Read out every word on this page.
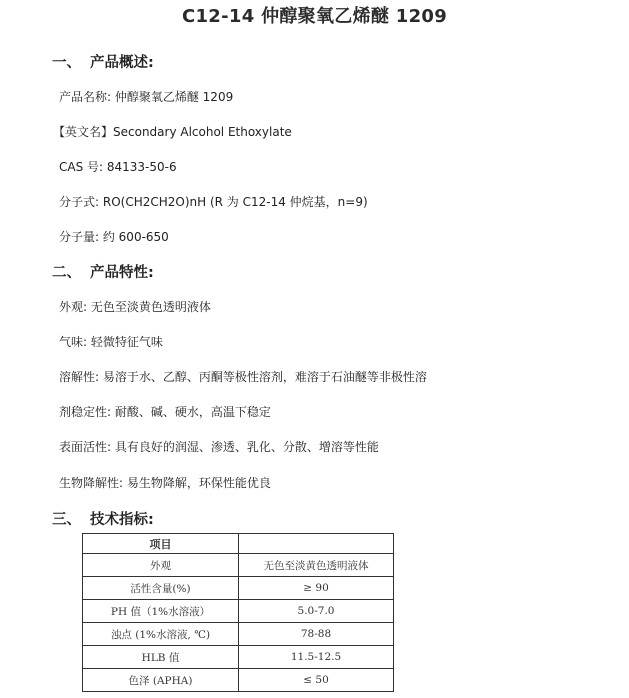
C12-14 仲醇聚氧乙烯醚 1209
一、 产品概述:
产品名称: 仲醇聚氧乙烯醚 1209
【英文名】Secondary Alcohol Ethoxylate
CAS 号: 84133-50-6
分子式: RO(CH2CH2O)nH (R 为 C12-14 仲烷基，n=9)
分子量: 约 600-650
二、 产品特性:
外观: 无色至淡黄色透明液体
气味: 轻微特征气味
溶解性: 易溶于水、乙醇、丙酮等极性溶剂，难溶于石油醚等非极性溶
剂稳定性: 耐酸、碱、硬水，高温下稳定
表面活性: 具有良好的润湿、渗透、乳化、分散、增溶等性能
生物降解性: 易生物降解，环保性能优良
三、 技术指标:
项目	
外观	无色至淡黄色透明液体
活性含量(%)	≥ 90
PH 值（1%水溶液）	5.0-7.0
浊点 (1%水溶液, ℃)	78-88
HLB 值	11.5-12.5
色泽 (APHA)	≤ 50
